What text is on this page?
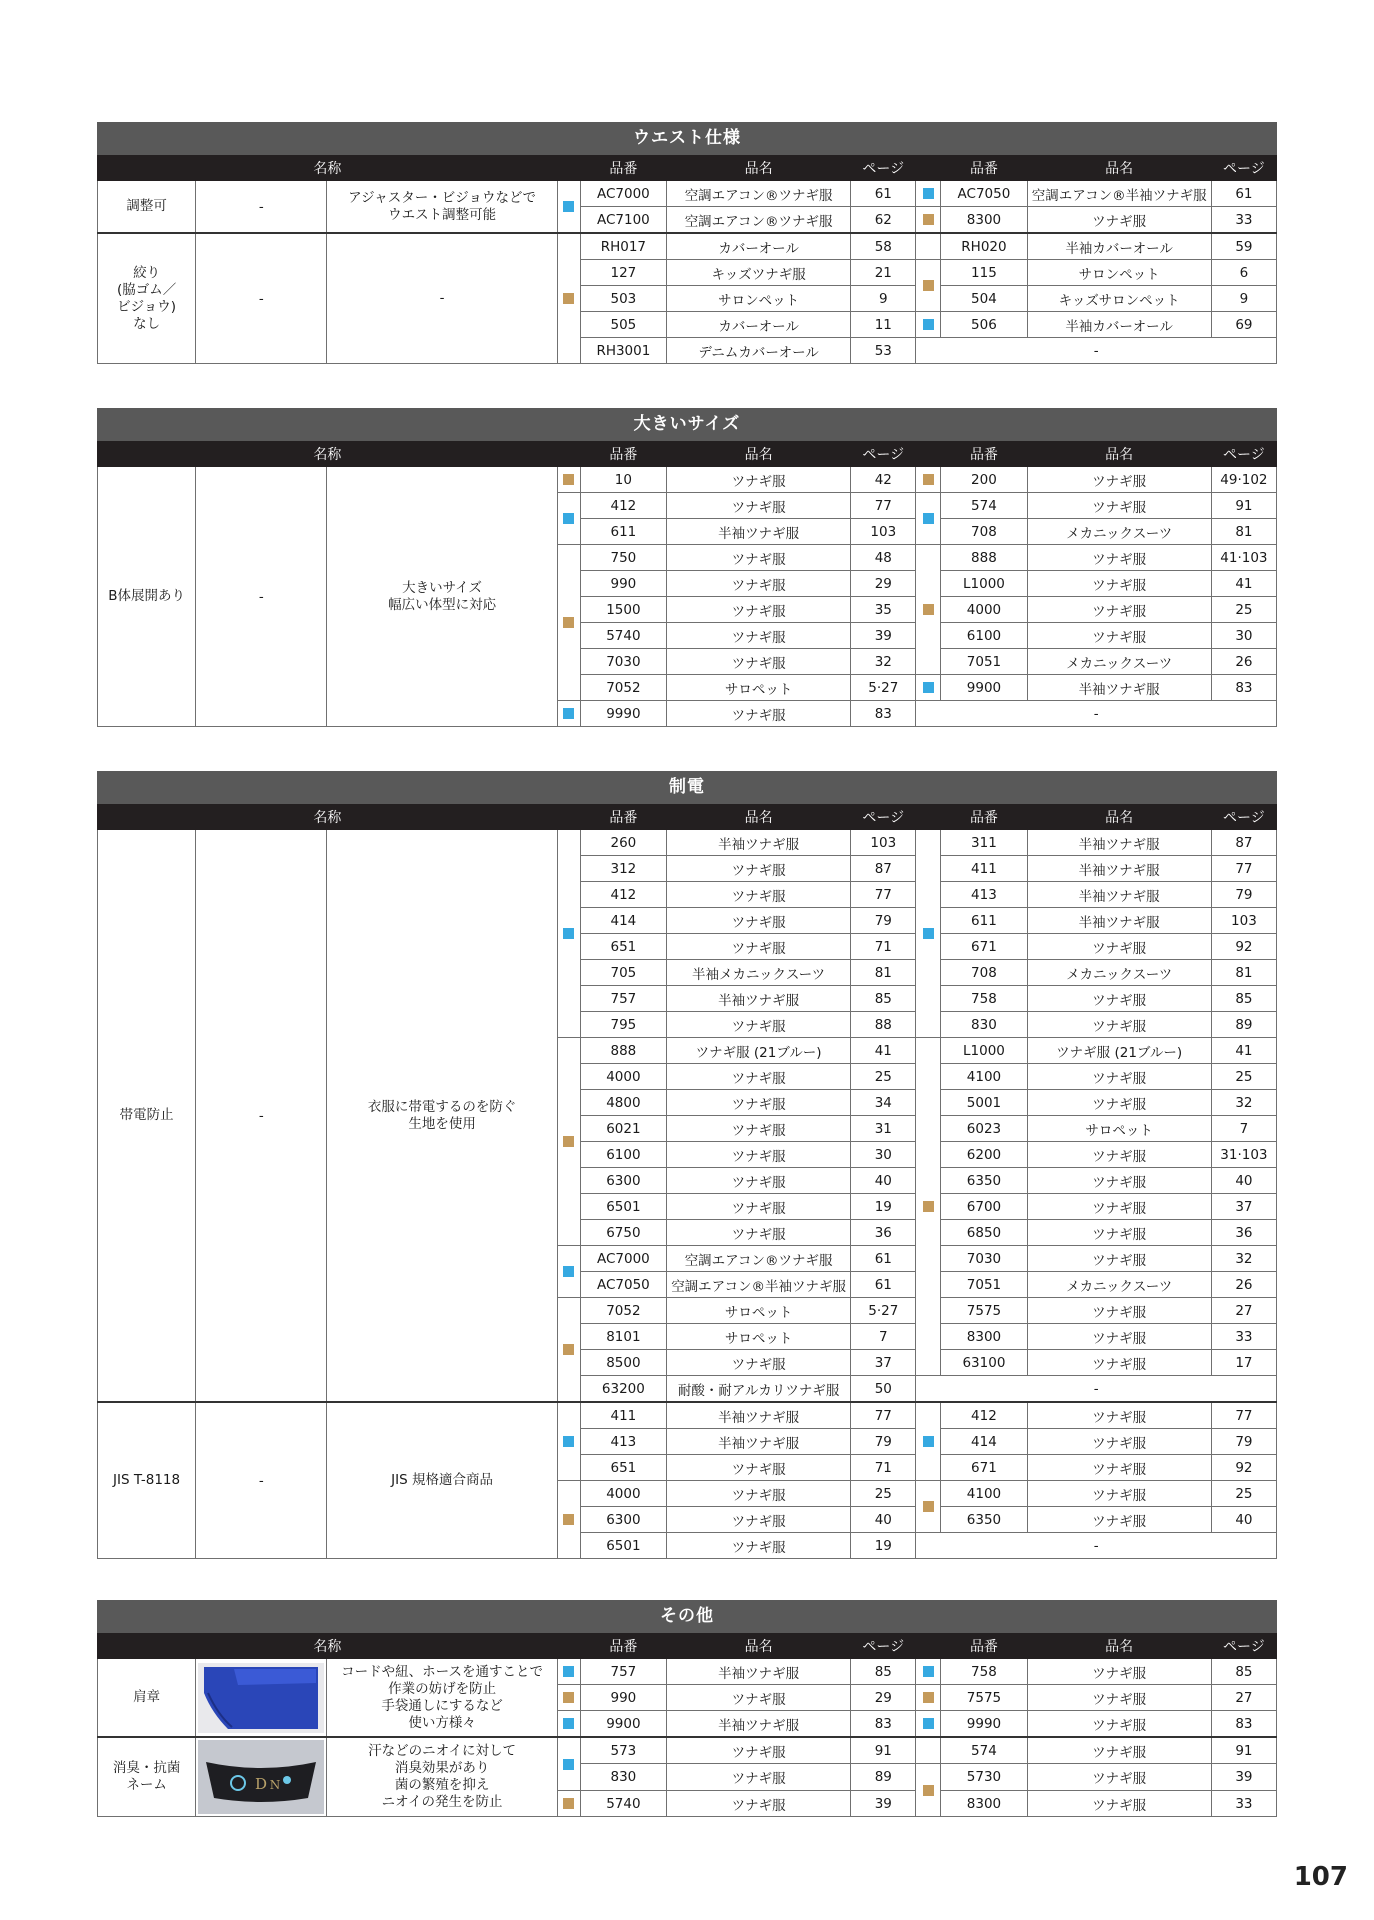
ウエスト仕様
名称				品番	品名	ページ		品番	品名	ページ
調整可	-	アジャスター・ビジョウなどで
ウエスト調整可能		AC7000	空調エアコン®ツナギ服	61		AC7050	空調エアコン®半袖ツナギ服	61
				AC7100	空調エアコン®ツナギ服	62		8300	ツナギ服	33
絞り
(脇ゴム／
ビジョウ)
なし	-	-		RH017	カバーオール	58		RH020	半袖カバーオール	59
				127	キッズツナギ服	21		115	サロンペット	6
				503	サロンペット	9		504	キッズサロンペット	9
				505	カバーオール	11		506	半袖カバーオール	69
				RH3001	デニムカバーオール	53	-			
大きいサイズ
名称				品番	品名	ページ		品番	品名	ページ
B体展開あり	-	大きいサイズ
幅広い体型に対応		10	ツナギ服	42		200	ツナギ服	49·102
				412	ツナギ服	77		574	ツナギ服	91
				611	半袖ツナギ服	103		708	メカニックスーツ	81
				750	ツナギ服	48		888	ツナギ服	41·103
				990	ツナギ服	29		L1000	ツナギ服	41
				1500	ツナギ服	35		4000	ツナギ服	25
				5740	ツナギ服	39		6100	ツナギ服	30
				7030	ツナギ服	32		7051	メカニックスーツ	26
				7052	サロペット	5·27		9900	半袖ツナギ服	83
				9990	ツナギ服	83	-			
制電
名称				品番	品名	ページ		品番	品名	ページ
帯電防止	-	衣服に帯電するのを防ぐ
生地を使用		260	半袖ツナギ服	103		311	半袖ツナギ服	87
				312	ツナギ服	87		411	半袖ツナギ服	77
				412	ツナギ服	77		413	半袖ツナギ服	79
				414	ツナギ服	79		611	半袖ツナギ服	103
				651	ツナギ服	71		671	ツナギ服	92
				705	半袖メカニックスーツ	81		708	メカニックスーツ	81
				757	半袖ツナギ服	85		758	ツナギ服	85
				795	ツナギ服	88		830	ツナギ服	89
				888	ツナギ服 (21ブルー)	41		L1000	ツナギ服 (21ブルー)	41
				4000	ツナギ服	25		4100	ツナギ服	25
				4800	ツナギ服	34		5001	ツナギ服	32
				6021	ツナギ服	31		6023	サロペット	7
				6100	ツナギ服	30		6200	ツナギ服	31·103
				6300	ツナギ服	40		6350	ツナギ服	40
				6501	ツナギ服	19		6700	ツナギ服	37
				6750	ツナギ服	36		6850	ツナギ服	36
				AC7000	空調エアコン®ツナギ服	61		7030	ツナギ服	32
				AC7050	空調エアコン®半袖ツナギ服	61		7051	メカニックスーツ	26
				7052	サロペット	5·27		7575	ツナギ服	27
				8101	サロペット	7		8300	ツナギ服	33
				8500	ツナギ服	37		63100	ツナギ服	17
				63200	耐酸・耐アルカリツナギ服	50	-			
JIS T-8118	-	JIS 規格適合商品		411	半袖ツナギ服	77		412	ツナギ服	77
				413	半袖ツナギ服	79		414	ツナギ服	79
				651	ツナギ服	71		671	ツナギ服	92
				4000	ツナギ服	25		4100	ツナギ服	25
				6300	ツナギ服	40		6350	ツナギ服	40
				6501	ツナギ服	19	-			
その他
名称				品番	品名	ページ		品番	品名	ページ
肩章		コードや紐、ホースを通すことで
作業の妨げを防止
手袋通しにするなど
使い方様々		757	半袖ツナギ服	85		758	ツナギ服	85
				990	ツナギ服	29		7575	ツナギ服	27
				9900	半袖ツナギ服	83		9990	ツナギ服	83
消臭・抗菌
ネーム	D N	汗などのニオイに対して
消臭効果があり
菌の繁殖を抑え
ニオイの発生を防止		573	ツナギ服	91		574	ツナギ服	91
				830	ツナギ服	89		5730	ツナギ服	39
				5740	ツナギ服	39		8300	ツナギ服	33
107
